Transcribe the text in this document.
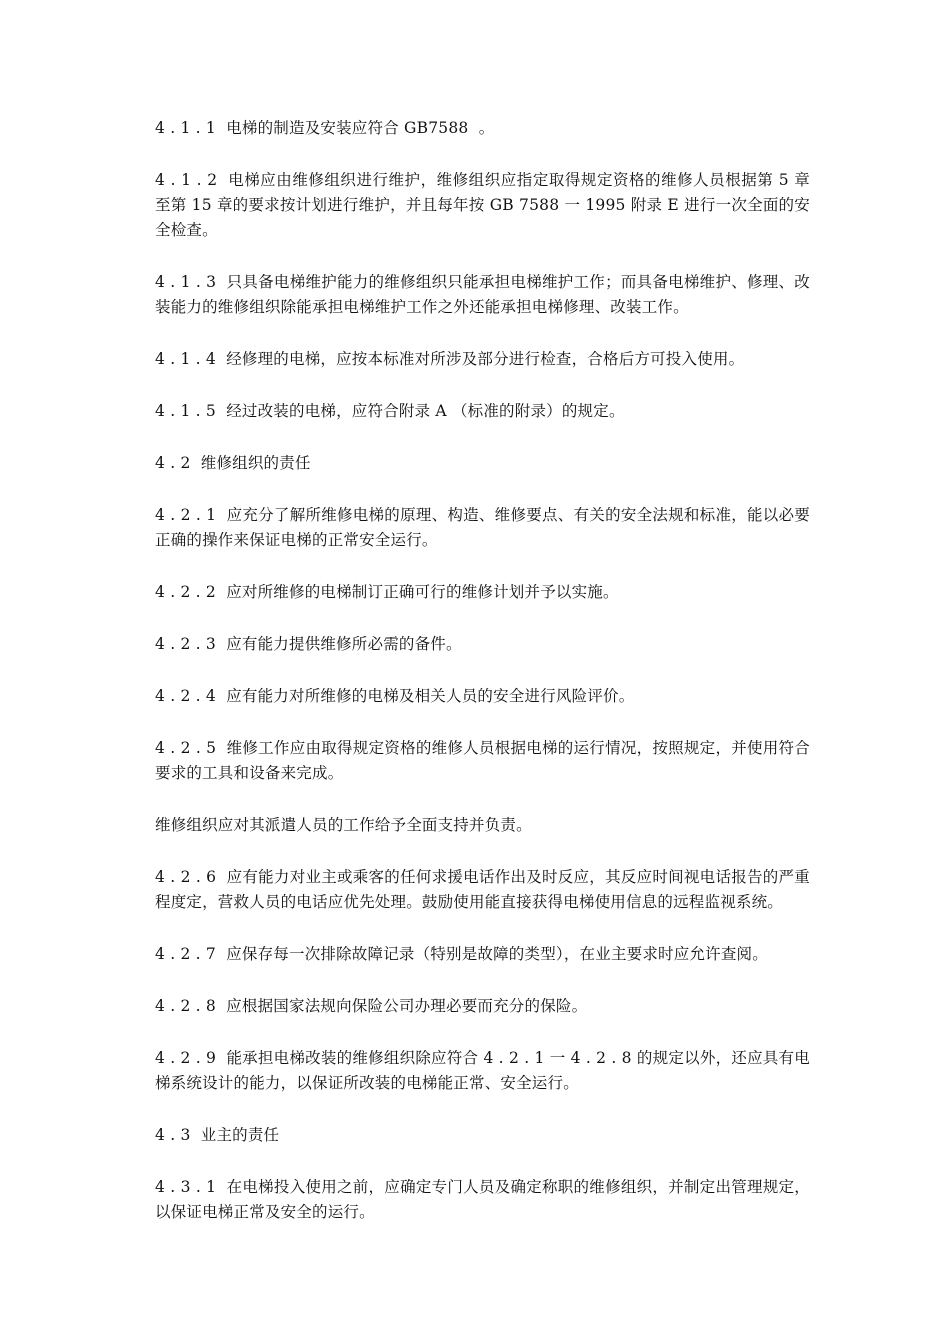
4 . 1 . 1  电梯的制造及安装应符合 GB7588  。

4 . 1 . 2  电梯应由维修组织进行维护，维修组织应指定取得规定资格的维修人员根据第 5 章至第 15 章的要求按计划进行维护，并且每年按 GB 7588 一 1995 附录 E 进行一次全面的安全检查。

4 . 1 . 3  只具备电梯维护能力的维修组织只能承担电梯维护工作；而具备电梯维护、修理、改装能力的维修组织除能承担电梯维护工作之外还能承担电梯修理、改装工作。

4 . 1 . 4  经修理的电梯，应按本标准对所涉及部分进行检查，合格后方可投入使用。

4 . 1 . 5  经过改装的电梯，应符合附录 A （标准的附录）的规定。

4 . 2  维修组织的责任

4 . 2 . 1  应充分了解所维修电梯的原理、构造、维修要点、有关的安全法规和标准，能以必要正确的操作来保证电梯的正常安全运行。

4 . 2 . 2  应对所维修的电梯制订正确可行的维修计划并予以实施。

4 . 2 . 3  应有能力提供维修所必需的备件。

4 . 2 . 4  应有能力对所维修的电梯及相关人员的安全进行风险评价。

4 . 2 . 5  维修工作应由取得规定资格的维修人员根据电梯的运行情况，按照规定，并使用符合要求的工具和设备来完成。

维修组织应对其派遣人员的工作给予全面支持并负责。

4 . 2 . 6  应有能力对业主或乘客的任何求援电话作出及时反应，其反应时间视电话报告的严重程度定，营救人员的电话应优先处理。鼓励使用能直接获得电梯使用信息的远程监视系统。

4 . 2 . 7  应保存每一次排除故障记录（特别是故障的类型），在业主要求时应允许查阅。

4 . 2 . 8  应根据国家法规向保险公司办理必要而充分的保险。

4 . 2 . 9  能承担电梯改装的维修组织除应符合 4 . 2 . 1 一 4 . 2 . 8 的规定以外，还应具有电梯系统设计的能力，以保证所改装的电梯能正常、安全运行。

4 . 3  业主的责任

4 . 3 . 1  在电梯投入使用之前，应确定专门人员及确定称职的维修组织，并制定出管理规定，以保证电梯正常及安全的运行。
